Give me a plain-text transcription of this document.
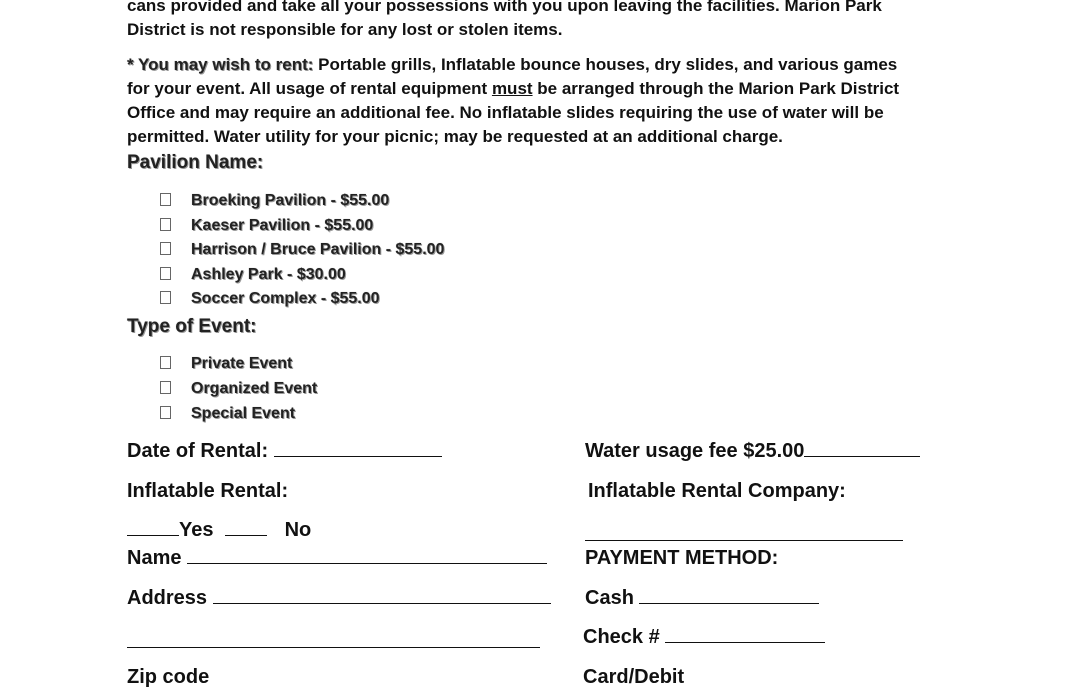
cans provided and take all your possessions with you upon leaving the facilities. Marion Park
District is not responsible for any lost or stolen items.
* You may wish to rent: Portable grills, Inflatable bounce houses, dry slides, and various games
for your event. All usage of rental equipment must be arranged through the Marion Park District
Office and may require an additional fee. No inflatable slides requiring the use of water will be
permitted. Water utility for your picnic; may be requested at an additional charge.
Pavilion Name:
Broeking Pavilion - $55.00
Kaeser Pavilion - $55.00
Harrison / Bruce Pavilion - $55.00
Ashley Park - $30.00
Soccer Complex - $55.00
Type of Event:
Private Event
Organized Event
Special Event
Date of Rental:	Water usage fee $25.00
Inflatable Rental:	Inflatable Rental Company:
Yes	No
Name	PAYMENT METHOD:
Address	Cash
Check #
Zip code	Card/Debit
